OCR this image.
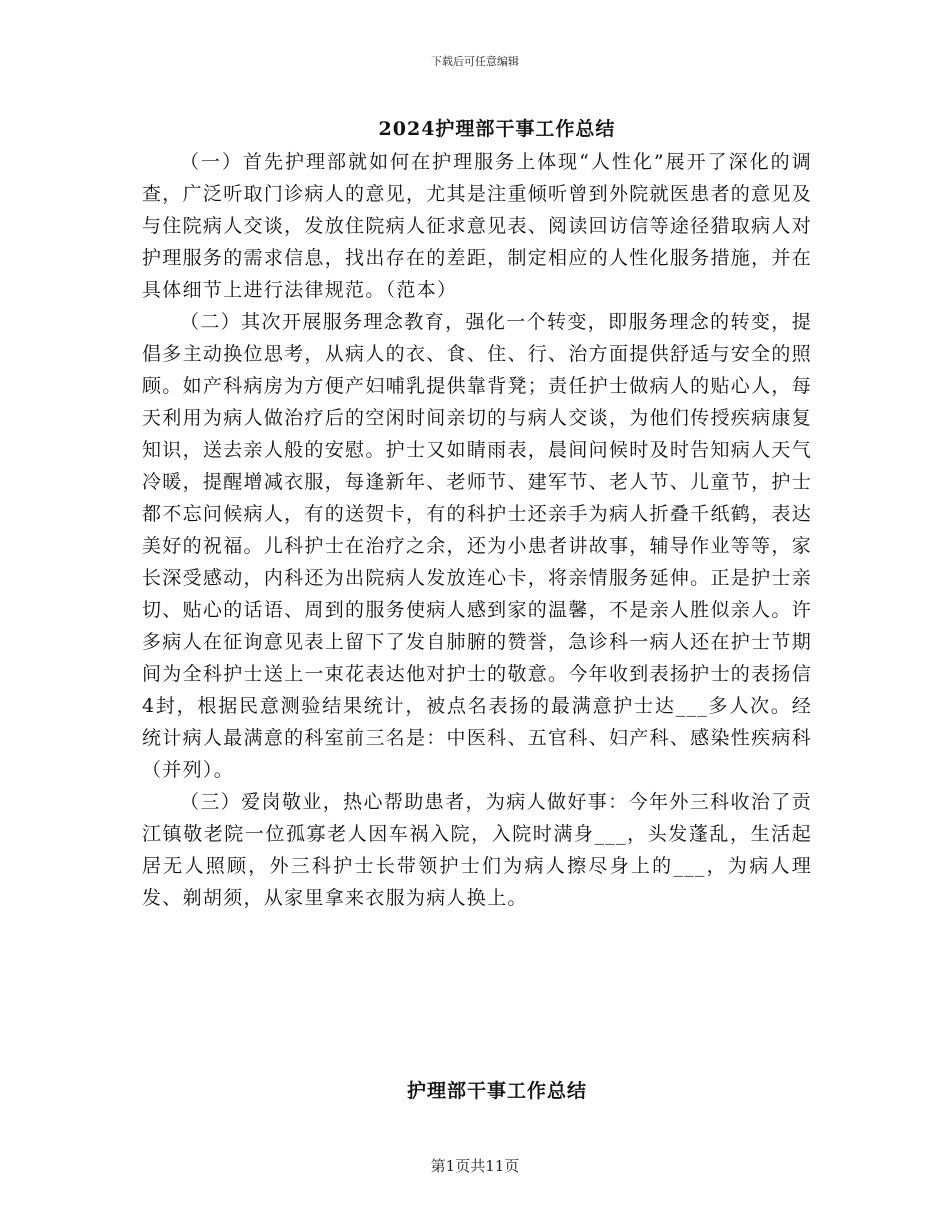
下载后可任意编辑
2024护理部干事工作总结

（一）首先护理部就如何在护理服务上体现“人性化”展开了深化的调查，广泛听取门诊病人的意见，尤其是注重倾听曾到外院就医患者的意见及与住院病人交谈，发放住院病人征求意见表、阅读回访信等途径猎取病人对护理服务的需求信息，找出存在的差距，制定相应的人性化服务措施，并在具体细节上进行法律规范。（范本）

（二）其次开展服务理念教育，强化一个转变，即服务理念的转变，提倡多主动换位思考，从病人的衣、食、住、行、治方面提供舒适与安全的照顾。如产科病房为方便产妇哺乳提供靠背凳；责任护士做病人的贴心人，每天利用为病人做治疗后的空闲时间亲切的与病人交谈，为他们传授疾病康复知识，送去亲人般的安慰。护士又如睛雨表，晨间问候时及时告知病人天气冷暖，提醒增减衣服，每逢新年、老师节、建军节、老人节、儿童节，护士都不忘问候病人，有的送贺卡，有的科护士还亲手为病人折叠千纸鹤，表达美好的祝福。儿科护士在治疗之余，还为小患者讲故事，辅导作业等等，家长深受感动，内科还为出院病人发放连心卡，将亲情服务延伸。正是护士亲切、贴心的话语、周到的服务使病人感到家的温馨，不是亲人胜似亲人。许多病人在征询意见表上留下了发自肺腑的赞誉，急诊科一病人还在护士节期间为全科护士送上一束花表达他对护士的敬意。今年收到表扬护士的表扬信4封，根据民意测验结果统计，被点名表扬的最满意护士达___多人次。经统计病人最满意的科室前三名是：中医科、五官科、妇产科、感染性疾病科（并列）。

（三）爱岗敬业，热心帮助患者，为病人做好事：今年外三科收治了贡江镇敬老院一位孤寡老人因车祸入院，入院时满身___，头发蓬乱，生活起居无人照顾，外三科护士长带领护士们为病人擦尽身上的___，为病人理发、剃胡须，从家里拿来衣服为病人换上。

护理部干事工作总结
第1页共11页
